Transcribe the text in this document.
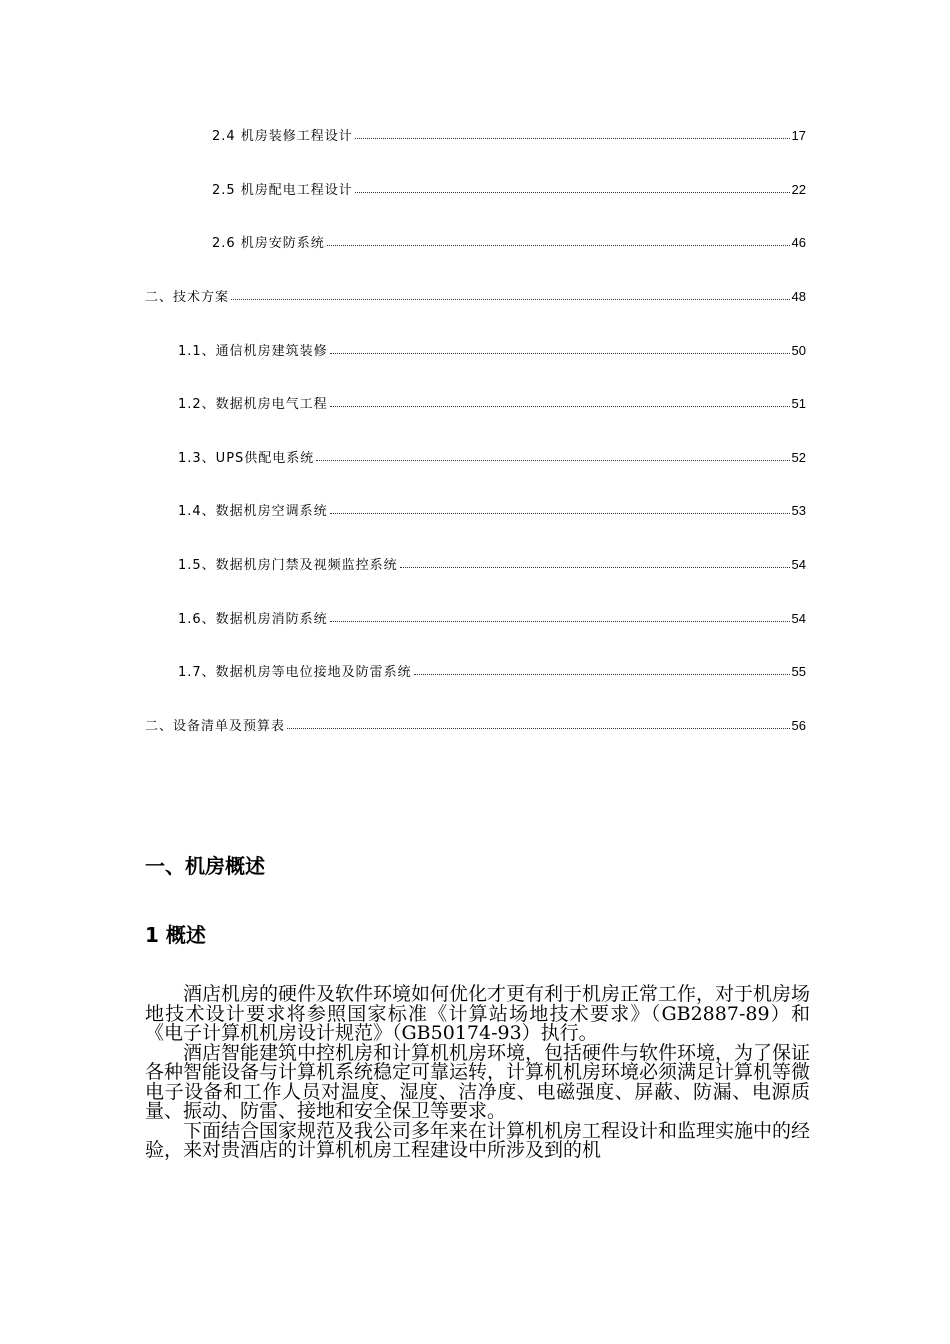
2.4 机房装修工程设计	17
2.5 机房配电工程设计	22
2.6 机房安防系统	46
二、技术方案	48
1.1、通信机房建筑装修	50
1.2、数据机房电气工程	51
1.3、UPS供配电系统	52
1.4、数据机房空调系统	53
1.5、数据机房门禁及视频监控系统	54
1.6、数据机房消防系统	54
1.7、数据机房等电位接地及防雷系统	55
二、设备清单及预算表	56
一、机房概述
1 概述

酒店机房的硬件及软件环境如何优化才更有利于机房正常工作，对于机房场地技术设计要求将参照国家标准《计算站场地技术要求》（GB2887-89）和《电子计算机机房设计规范》（GB50174-93）执行。

酒店智能建筑中控机房和计算机机房环境，包括硬件与软件环境，为了保证各种智能设备与计算机系统稳定可靠运转，计算机机房环境必须满足计算机等微电子设备和工作人员对温度、湿度、洁净度、电磁强度、屏蔽、防漏、电源质量、振动、防雷、接地和安全保卫等要求。

下面结合国家规范及我公司多年来在计算机机房工程设计和监理实施中的经验，来对贵酒店的计算机机房工程建设中所涉及到的机
